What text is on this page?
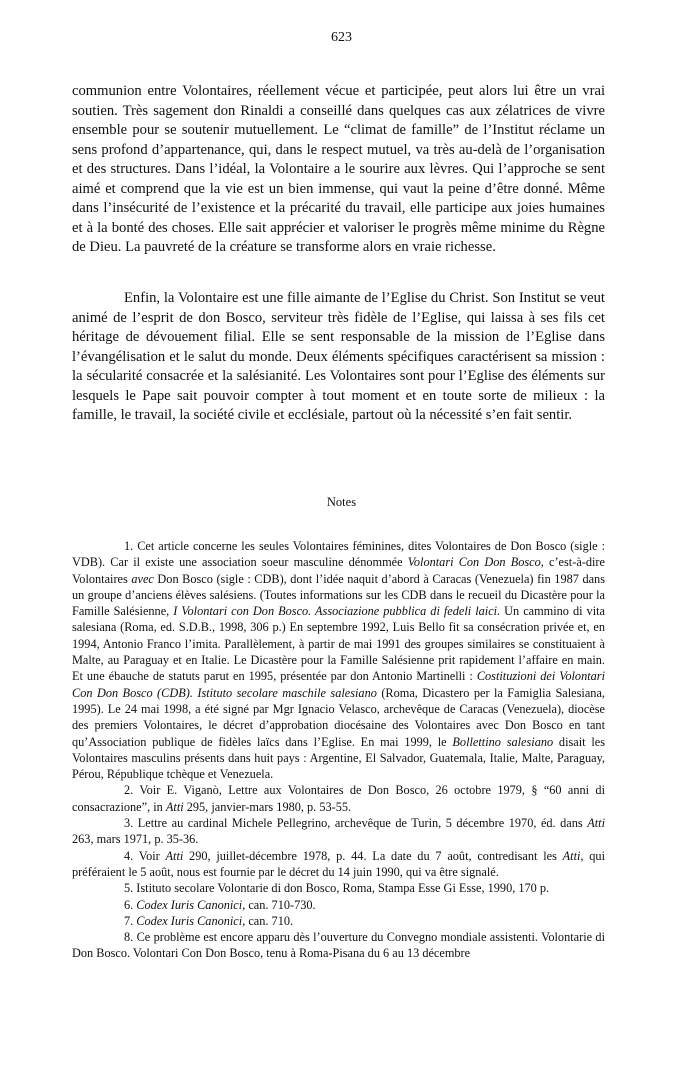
623

communion entre Volontaires, réellement vécue et participée, peut alors lui être un vrai soutien. Très sagement don Rinaldi a conseillé dans quelques cas aux zélatrices de vivre ensemble pour se soutenir mutuellement. Le “climat de famille” de l’Institut réclame un sens profond d’appartenance, qui, dans le respect mutuel, va très au-delà de l’organisation et des structures. Dans l’idéal, la Volontaire a le sourire aux lèvres. Qui l’approche se sent aimé et comprend que la vie est un bien immense, qui vaut la peine d’être donné. Même dans l’insécurité de l’existence et la précarité du travail, elle participe aux joies humaines et à la bonté des choses. Elle sait apprécier et valoriser le progrès même minime du Règne de Dieu. La pauvreté de la créature se transforme alors en vraie richesse.

Enfin, la Volontaire est une fille aimante de l’Eglise du Christ. Son Institut se veut animé de l’esprit de don Bosco, serviteur très fidèle de l’Eglise, qui laissa à ses fils cet héritage de dévouement filial. Elle se sent responsable de la mission de l’Eglise dans l’évangélisation et le salut du monde. Deux éléments spécifiques caractérisent sa mission : la sécularité consacrée et la salésianité. Les Volontaires sont pour l’Eglise des éléments sur lesquels le Pape sait pouvoir compter à tout moment et en toute sorte de milieux : la famille, le travail, la société civile et ecclésiale, partout où la nécessité s’en fait sentir.

Notes

1. Cet article concerne les seules Volontaires féminines, dites Volontaires de Don Bosco (sigle : VDB). Car il existe une association soeur masculine dénommée Volontari Con Don Bosco, c’est-à-dire Volontaires avec Don Bosco (sigle : CDB), dont l’idée naquit d’abord à Caracas (Venezuela) fin 1987 dans un groupe d’anciens élèves salésiens. (Toutes informations sur les CDB dans le recueil du Dicastère pour la Famille Salésienne, I Volontari con Don Bosco. Associazione pubblica di fedeli laici. Un cammino di vita salesiana (Roma, ed. S.D.B., 1998, 306 p.) En septembre 1992, Luis Bello fit sa consécration privée et, en 1994, Antonio Franco l’imita. Parallèlement, à partir de mai 1991 des groupes similaires se constituaient à Malte, au Paraguay et en Italie. Le Dicastère pour la Famille Salésienne prit rapidement l’affaire en main. Et une ébauche de statuts parut en 1995, présentée par don Antonio Martinelli : Costituzioni dei Volontari Con Don Bosco (CDB). Istituto secolare maschile salesiano (Roma, Dicastero per la Famiglia Salesiana, 1995). Le 24 mai 1998, a été signé par Mgr Ignacio Velasco, archevêque de Caracas (Venezuela), diocèse des premiers Volontaires, le décret d’approbation diocésaine des Volontaires avec Don Bosco en tant qu’Association publique de fidèles laïcs dans l’Eglise. En mai 1999, le Bollettino salesiano disait les Volontaires masculins présents dans huit pays : Argentine, El Salvador, Guatemala, Italie, Malte, Paraguay, Pérou, République tchèque et Venezuela.

2. Voir E. Viganò, Lettre aux Volontaires de Don Bosco, 26 octobre 1979, § “60 anni di consacrazione”, in Atti 295, janvier-mars 1980, p. 53-55.

3. Lettre au cardinal Michele Pellegrino, archevêque de Turin, 5 décembre 1970, éd. dans Atti 263, mars 1971, p. 35-36.

4. Voir Atti 290, juillet-décembre 1978, p. 44. La date du 7 août, contredisant les Atti, qui préféraient le 5 août, nous est fournie par le décret du 14 juin 1990, qui va être signalé.

5. Istituto secolare Volontarie di don Bosco, Roma, Stampa Esse Gi Esse, 1990, 170 p.

6. Codex Iuris Canonici, can. 710-730.

7. Codex Iuris Canonici, can. 710.

8. Ce problème est encore apparu dès l’ouverture du Convegno mondiale assistenti. Volontarie di Don Bosco. Volontari Con Don Bosco, tenu à Roma-Pisana du 6 au 13 décembre
